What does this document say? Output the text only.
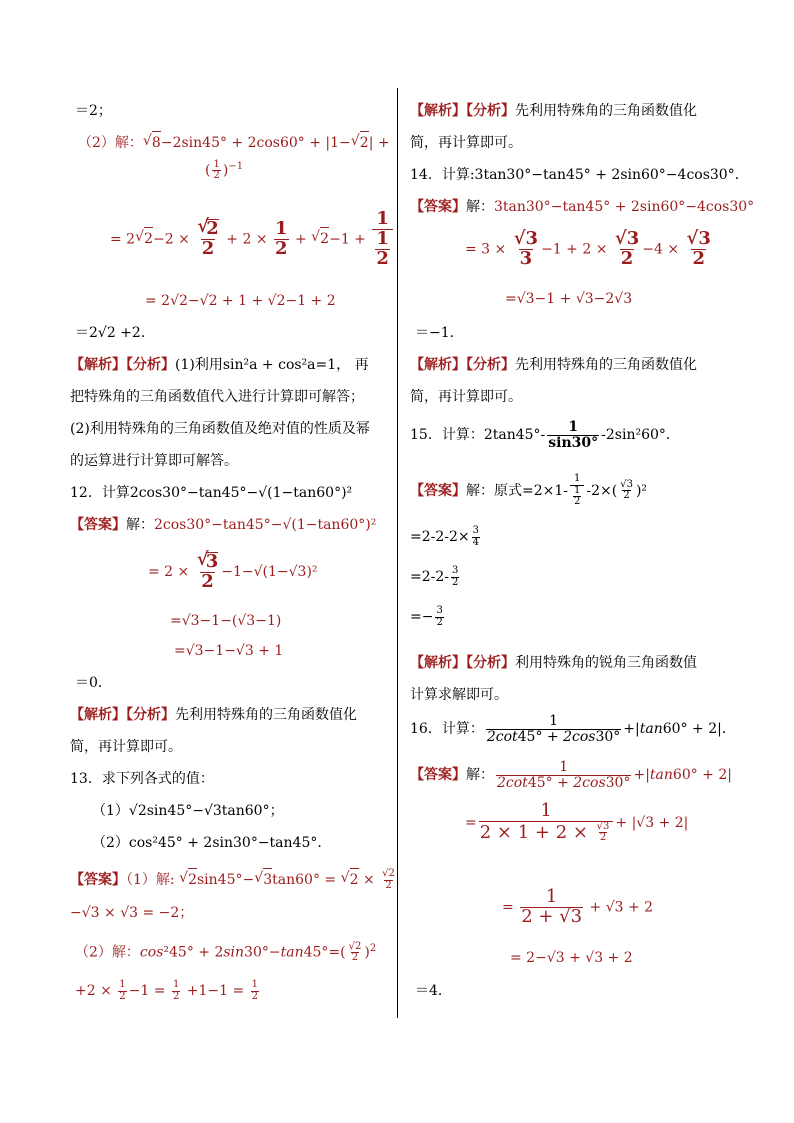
＝2；
（2）解： √ 8−2sin45° + 2cos60° + |1− √ 2| +
( $\frac{1}{2} )^{-1}$
= 2 √ 2−2 × √ $\frac{2}{2} + 2 \times \frac{1}{2}$ + √ $2-1 + \frac{1}{\frac{1}{2}}$
= 2√2−√2 + 1 + √2−1 + 2
＝2√2 +2．
【解析】【分析】(1)利用sin²a + cos²a=1， 再
把特殊角的三角函数值代入进行计算即可解答；
(2)利用特殊角的三角函数值及绝对值的性质及幂
的运算进行计算即可解答。
12．计算2cos30°−tan45°−√(1−tan60°)²
【答案】解：2cos30°−tan45°−√(1−tan60°)²
= 2 × √ $\frac{3}{2} -1-√(1-√3)^2$
=√3−1−(√3−1)
=√3−1−√3 + 1
＝0．
【解析】【分析】先利用特殊角的三角函数值化
简，再计算即可。
13．求下列各式的值：
（1）√2sin45°−√3tan60°；
（2）cos²45° + 2sin30°−tan45°.
【答案】（1）解: √ 2sin45°− √ 3tan60° = √ $2 \times \frac{√2}{2}$
−√3 × √3 = −2；
（2）解：$\cos^245^\circ + 2\sin 30^\circ-\tan 45^\circ=( \frac{√2}{2} )^2$
$+2 \times \frac{1}{2} -1 = \frac{1}{2} +1-1 = \frac{1}{2}$
【解析】【分析】先利用特殊角的三角函数值化
简，再计算即可。
14．计算:3tan30°−tan45° + 2sin60°−4cos30°．
【答案】解：3tan30°−tan45° + 2sin60°−4cos30°
= $3 \times \frac{√3}{3} -1 + 2 \times \frac{√3}{2} -4 \times \frac{√3}{2}$
=√3−1 + √3−2√3
＝−1．
【解析】【分析】先利用特殊角的三角函数值化
简，再计算即可。
15．计算：$2\tan 45^\circ- \frac{1}{\sin 30^\circ} -2\sin^260^\circ$．
【答案】解：原式$=2\times 1- \frac{1}{\frac{1}{2}} -2\times( \frac{√3}{2} )^2$
$=2-2-2\times \frac{3}{4}$
$=2-2- \frac{3}{2}$
=− $\frac{3}{2}$
【解析】【分析】利用特殊角的锐角三角函数值
计算求解即可。
16．计算： $\frac{1}{2\cot 45^\circ + 2\cos 30^\circ} +|\tan 60^\circ + 2|$．
【答案】解： $\frac{1}{2\cot 45^\circ + 2\cos 30^\circ} +|\tan 60^\circ + 2|$
= $\frac{1}{2 \times 1 + 2 \times \frac{√3}{2}} + |√3 + 2|$
= $\frac{1}{2 + √3} + √3 + 2$
= 2−√3 + √3 + 2
＝4．
